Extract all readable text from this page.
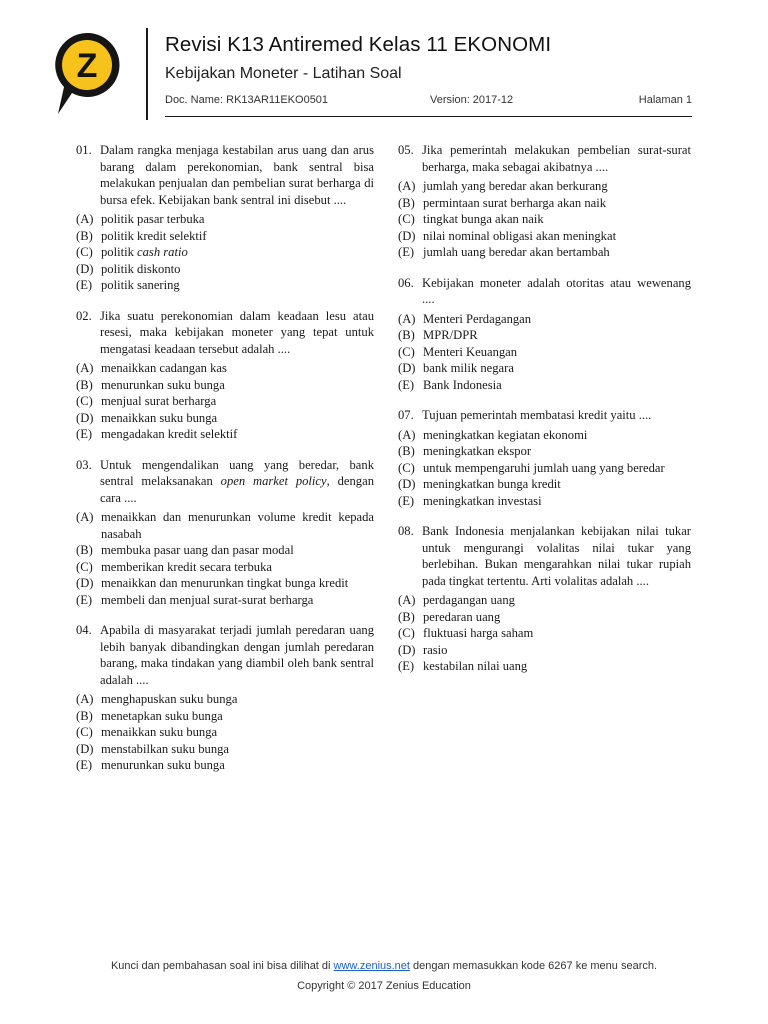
Z
Revisi K13 Antiremed Kelas 11 EKONOMI
Kebijakan Moneter - Latihan Soal
Doc. Name: RK13AR11EKO0501	Version: 2017-12	Halaman 1
01. Dalam rangka menjaga kestabilan arus uang dan arus barang dalam perekonomian, bank sentral bisa melakukan penjualan dan pembelian surat berharga di bursa efek. Kebijakan bank sentral ini disebut ....
(A) politik pasar terbuka
(B) politik kredit selektif
(C) politik cash ratio
(D) politik diskonto
(E) politik sanering
02. Jika suatu perekonomian dalam keadaan lesu atau resesi, maka kebijakan moneter yang tepat untuk mengatasi keadaan tersebut adalah ....
(A) menaikkan cadangan kas
(B) menurunkan suku bunga
(C) menjual surat berharga
(D) menaikkan suku bunga
(E) mengadakan kredit selektif
03. Untuk mengendalikan uang yang beredar, bank sentral melaksanakan open market policy, dengan cara ....
(A) menaikkan dan menurunkan volume kredit kepada nasabah
(B) membuka pasar uang dan pasar modal
(C) memberikan kredit secara terbuka
(D) menaikkan dan menurunkan tingkat bunga kredit
(E) membeli dan menjual surat-surat berharga
04. Apabila di masyarakat terjadi jumlah peredaran uang lebih banyak dibandingkan dengan jumlah peredaran barang, maka tindakan yang diambil oleh bank sentral adalah ....
(A) menghapuskan suku bunga
(B) menetapkan suku bunga
(C) menaikkan suku bunga
(D) menstabilkan suku bunga
(E) menurunkan suku bunga
05. Jika pemerintah melakukan pembelian surat-surat berharga, maka sebagai akibatnya ....
(A) jumlah yang beredar akan berkurang
(B) permintaan surat berharga akan naik
(C) tingkat bunga akan naik
(D) nilai nominal obligasi akan meningkat
(E) jumlah uang beredar akan bertambah
06. Kebijakan moneter adalah otoritas atau wewenang ....
(A) Menteri Perdagangan
(B) MPR/DPR
(C) Menteri Keuangan
(D) bank milik negara
(E) Bank Indonesia
07. Tujuan pemerintah membatasi kredit yaitu ....
(A) meningkatkan kegiatan ekonomi
(B) meningkatkan ekspor
(C) untuk mempengaruhi jumlah uang yang beredar
(D) meningkatkan bunga kredit
(E) meningkatkan investasi
08. Bank Indonesia menjalankan kebijakan nilai tukar untuk mengurangi volalitas nilai tukar yang berlebihan. Bukan mengarahkan nilai tukar rupiah pada tingkat tertentu. Arti volalitas adalah ....
(A) perdagangan uang
(B) peredaran uang
(C) fluktuasi harga saham
(D) rasio
(E) kestabilan nilai uang
Kunci dan pembahasan soal ini bisa dilihat di www.zenius.net dengan memasukkan kode 6267 ke menu search.
Copyright © 2017 Zenius Education
